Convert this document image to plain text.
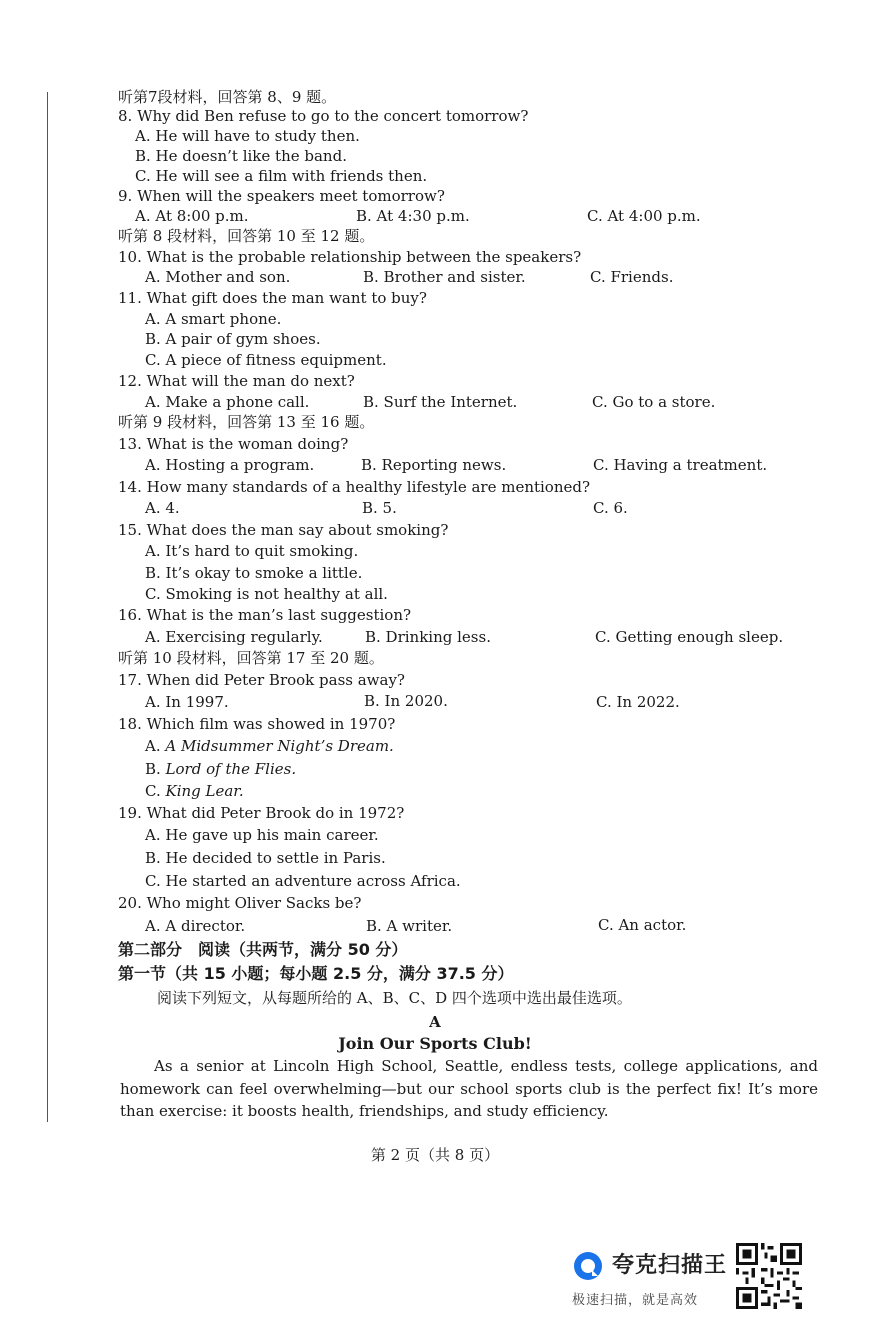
听第7段材料，回答第 8、9 题。
8. Why did Ben refuse to go to the concert tomorrow?
A. He will have to study then.
B. He doesn’t like the band.
C. He will see a film with friends then.
9. When will the speakers meet tomorrow?
A. At 8:00 p.m.	B. At 4:30 p.m.	C. At 4:00 p.m.
听第 8 段材料，回答第 10 至 12 题。
10. What is the probable relationship between the speakers?
A. Mother and son.	B. Brother and sister.	C. Friends.
11. What gift does the man want to buy?
A. A smart phone.
B. A pair of gym shoes.
C. A piece of fitness equipment.
12. What will the man do next?
A. Make a phone call.	B. Surf the Internet.	C. Go to a store.
听第 9 段材料，回答第 13 至 16 题。
13. What is the woman doing?
A. Hosting a program.	B. Reporting news.	C. Having a treatment.
14. How many standards of a healthy lifestyle are mentioned?
A. 4.	B. 5.	C. 6.
15. What does the man say about smoking?
A. It’s hard to quit smoking.
B. It’s okay to smoke a little.
C. Smoking is not healthy at all.
16. What is the man’s last suggestion?
A. Exercising regularly.	B. Drinking less.	C. Getting enough sleep.
听第 10 段材料，回答第 17 至 20 题。
17. When did Peter Brook pass away?
A. In 1997.	B. In 2020.	C. In 2022.
18. Which film was showed in 1970?
A. A Midsummer Night’s Dream.
B. Lord of the Flies.
C. King Lear.
19. What did Peter Brook do in 1972?
A. He gave up his main career.
B. He decided to settle in Paris.
C. He started an adventure across Africa.
20. Who might Oliver Sacks be?
A. A director.	B. A writer.	C. An actor.
第二部分　阅读（共两节，满分 50 分）
第一节（共 15 小题；每小题 2.5 分，满分 37.5 分）
阅读下列短文，从每题所给的 A、B、C、D 四个选项中选出最佳选项。
A
Join Our Sports Club!
As a senior at Lincoln High School, Seattle, endless tests, college applications, and homework can feel overwhelming—but our school sports club is the perfect fix! It’s more than exercise: it boosts health, friendships, and study efficiency.
第 2 页（共 8 页）
夸克扫描王
极速扫描，就是高效
